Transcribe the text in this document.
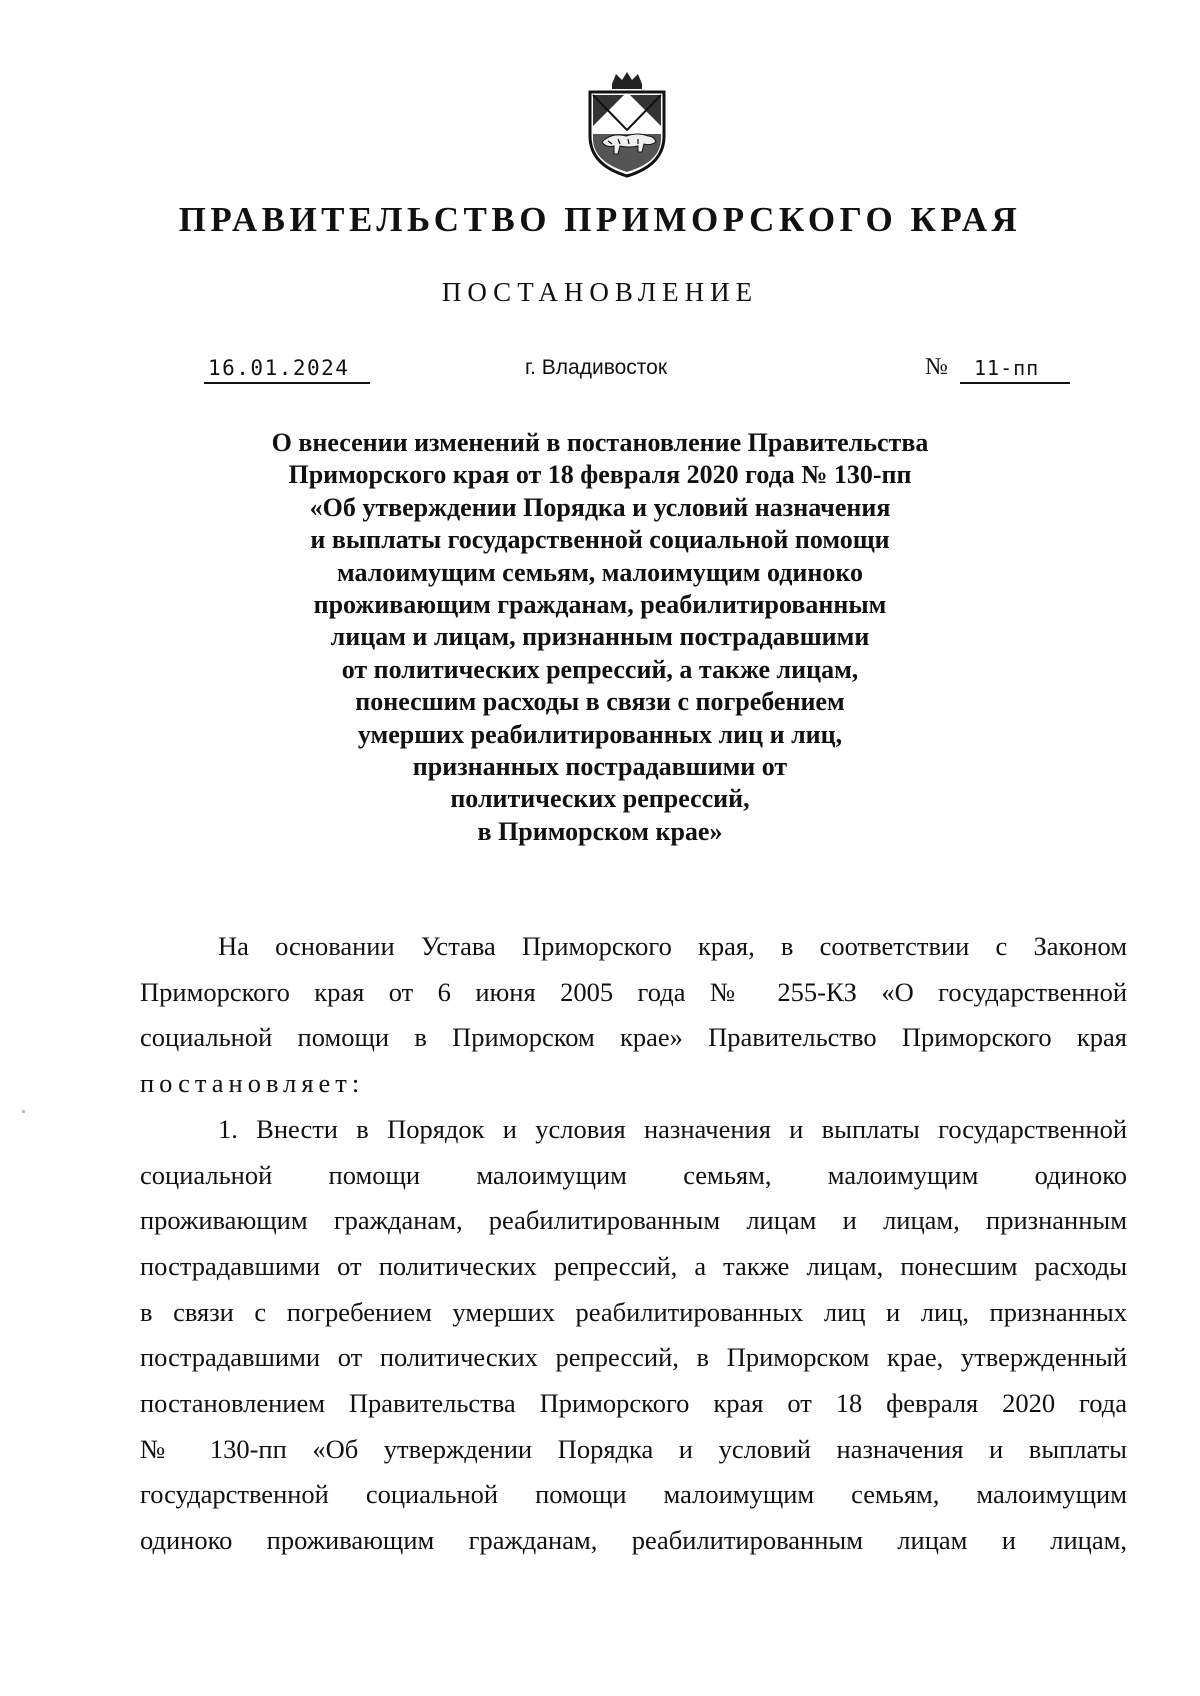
ПРАВИТЕЛЬСТВО ПРИМОРСКОГО КРАЯ
ПОСТАНОВЛЕНИЕ
16.01.2024	г. Владивосток	№	11-пп
О внесении изменений в постановление Правительства
Приморского края от 18 февраля 2020 года № 130-пп
«Об утверждении Порядка и условий назначения
и выплаты государственной социальной помощи
малоимущим семьям, малоимущим одиноко
проживающим гражданам, реабилитированным
лицам и лицам, признанным пострадавшими
от политических репрессий, а также лицам,
понесшим расходы в связи с погребением
умерших реабилитированных лиц и лиц,
признанных пострадавшими от
политических репрессий,
в Приморском крае»
На основании Устава Приморского края, в соответствии с Законом
Приморского края от 6 июня 2005 года № 255-КЗ «О государственной
социальной помощи в Приморском крае» Правительство Приморского края
постановляет:
1. Внести в Порядок и условия назначения и выплаты государственной
социальной помощи малоимущим семьям, малоимущим одиноко
проживающим гражданам, реабилитированным лицам и лицам, признанным
пострадавшими от политических репрессий, а также лицам, понесшим расходы
в связи с погребением умерших реабилитированных лиц и лиц, признанных
пострадавшими от политических репрессий, в Приморском крае, утвержденный
постановлением Правительства Приморского края от 18 февраля 2020 года
№ 130-пп «Об утверждении Порядка и условий назначения и выплаты
государственной социальной помощи малоимущим семьям, малоимущим
одиноко проживающим гражданам, реабилитированным лицам и лицам,
